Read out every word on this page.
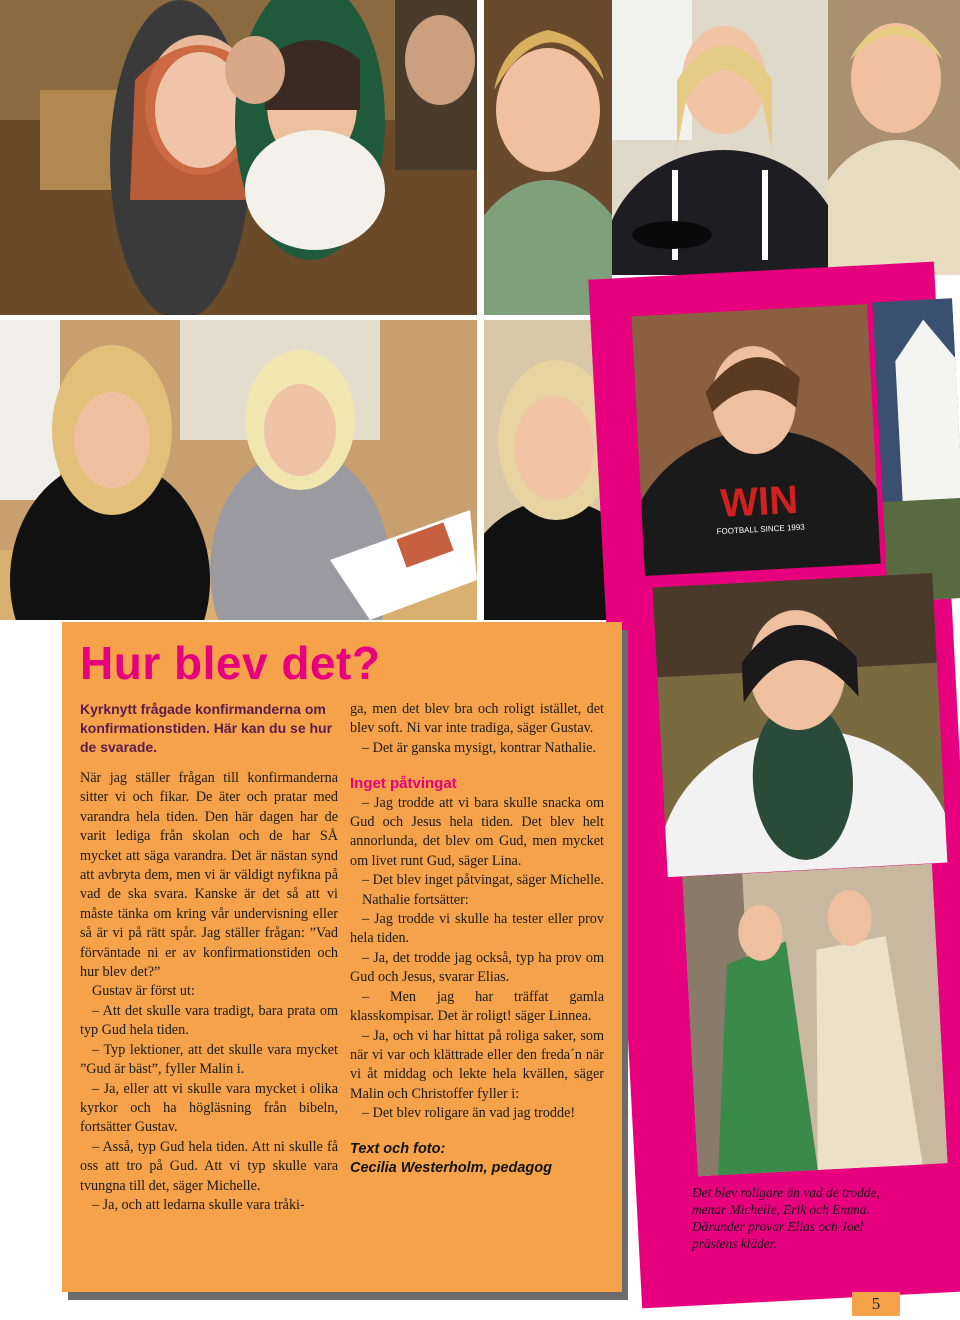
WIN
FOOTBALL SINCE 1993
Hur blev det?

Kyrknytt frågade konfirmanderna om konfirmationstiden. Här kan du se hur de svarade.

När jag ställer frågan till konfirmanderna sitter vi och fikar. De äter och pratar med varandra hela tiden. Den här dagen har de varit lediga från skolan och de har SÅ mycket att säga varandra. Det är nästan synd att avbryta dem, men vi är väldigt nyfikna på vad de ska svara. Kanske är det så att vi måste tänka om kring vår undervisning eller så är vi på rätt spår. Jag ställer frågan: ”Vad förväntade ni er av konfirmationstiden och hur blev det?”

Gustav är först ut:

– Att det skulle vara tradigt, bara prata om typ Gud hela tiden.

– Typ lektioner, att det skulle vara mycket ”Gud är bäst”, fyller Malin i.

– Ja, eller att vi skulle vara mycket i olika kyrkor och ha högläsning från bibeln, fortsätter Gustav.

– Asså, typ Gud hela tiden. Att ni skulle få oss att tro på Gud. Att vi typ skulle vara tvungna till det, säger Michelle.

– Ja, och att ledarna skulle vara tråki-

ga, men det blev bra och roligt istället, det blev soft. Ni var inte tradiga, säger Gustav.

– Det är ganska mysigt, kontrar Nathalie.

Inget påtvingat

– Jag trodde att vi bara skulle snacka om Gud och Jesus hela tiden. Det blev helt annorlunda, det blev om Gud, men mycket om livet runt Gud, säger Lina.

– Det blev inget påtvingat, säger Michelle.

Nathalie fortsätter:

– Jag trodde vi skulle ha tester eller prov hela tiden.

– Ja, det trodde jag också, typ ha prov om Gud och Jesus, svarar Elias.

– Men jag har träffat gamla klasskompisar. Det är roligt! säger Linnea.

– Ja, och vi har hittat på roliga saker, som när vi var och klättrade eller den freda´n när vi åt middag och lekte hela kvällen, säger Malin och Christoffer fyller i:

– Det blev roligare än vad jag trodde!

Text och foto:
Cecilia Westerholm, pedagog

Det blev roligare än vad de trodde, menar Michelle, Erik och Emma. Därunder provar Elias och Joel prästens kläder.
5
